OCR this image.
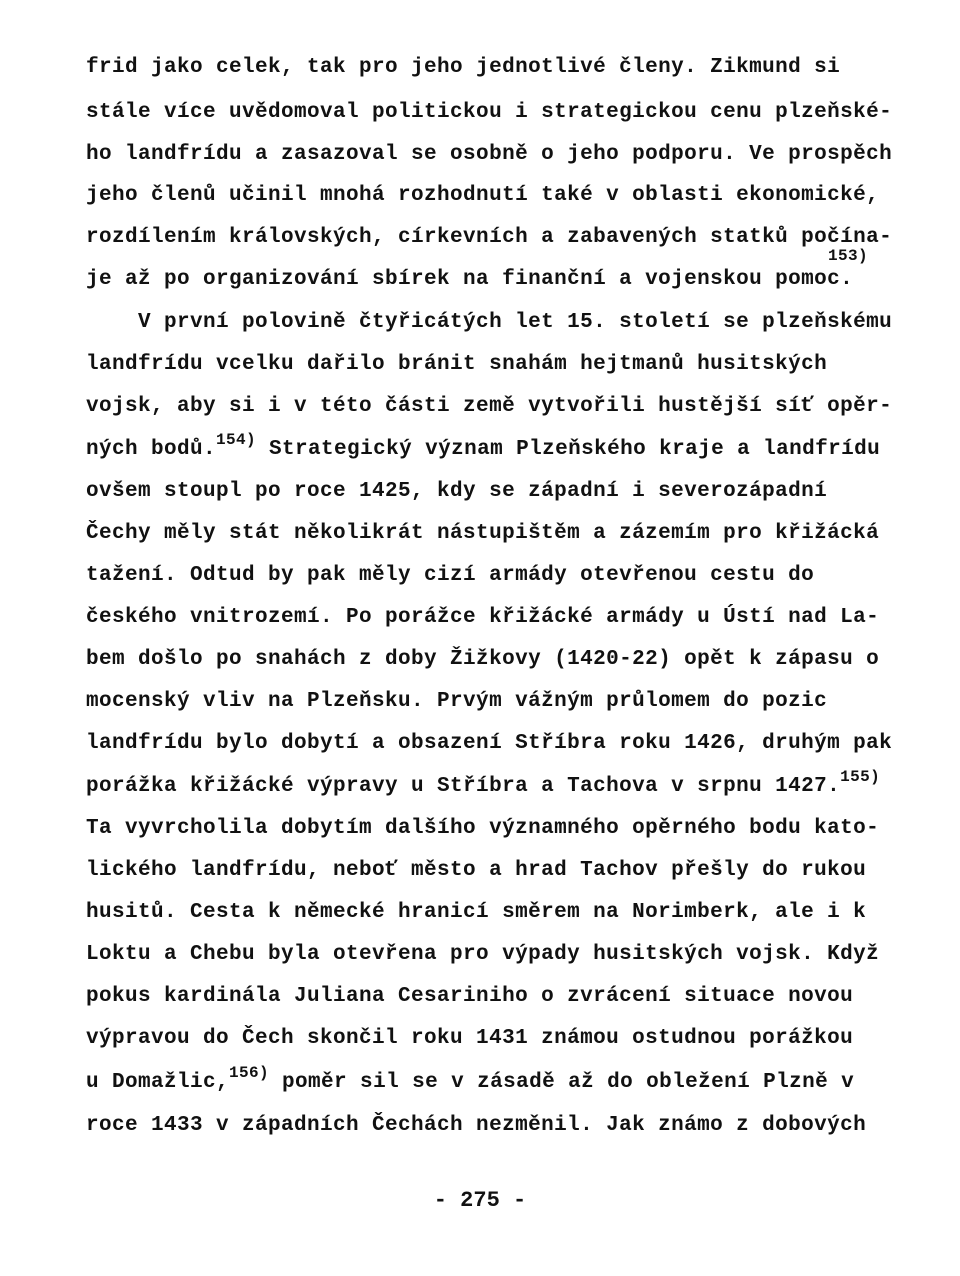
frid jako celek, tak pro jeho jednotlivé členy. Zikmund si

stále více uvědomoval politickou i strategickou cenu plzeňské-

ho landfrídu a zasazoval se osobně o jeho podporu. Ve prospěch

jeho členů učinil mnohá rozhodnutí také v oblasti ekonomické,

rozdílením královských, církevních a zabavených statků počína-

153)

je až po organizování sbírek na finanční a vojenskou pomoc.

V první polovině čtyřicátých let 15. století se plzeňskému

landfrídu vcelku dařilo bránit snahám hejtmanů husitských

vojsk, aby si i v této části země vytvořili hustější síť opěr-

ných bodů.$^{154)}$ Strategický význam Plzeňského kraje a landfrídu

ovšem stoupl po roce 1425, kdy se západní i severozápadní

Čechy měly stát několikrát nástupištěm a zázemím pro křižácká

tažení. Odtud by pak měly cizí armády otevřenou cestu do

českého vnitrozemí. Po porážce křižácké armády u Ústí nad La-

bem došlo po snahách z doby Žižkovy (1420-22) opět k zápasu o

mocenský vliv na Plzeňsku. Prvým vážným průlomem do pozic

landfrídu bylo dobytí a obsazení Stříbra roku 1426, druhým pak

porážka křižácké výpravy u Stříbra a Tachova v srpnu 1427.$^{155)}$

Ta vyvrcholila dobytím dalšího významného opěrného bodu kato-

lického landfrídu, neboť město a hrad Tachov přešly do rukou

husitů. Cesta k německé hranicí směrem na Norimberk, ale i k

Loktu a Chebu byla otevřena pro výpady husitských vojsk. Když

pokus kardinála Juliana Cesariniho o zvrácení situace novou

výpravou do Čech skončil roku 1431 známou ostudnou porážkou

u Domažlic,$^{156)}$ poměr sil se v zásadě až do obležení Plzně v

roce 1433 v západních Čechách nezměnil. Jak známo z dobových

- 275 -
